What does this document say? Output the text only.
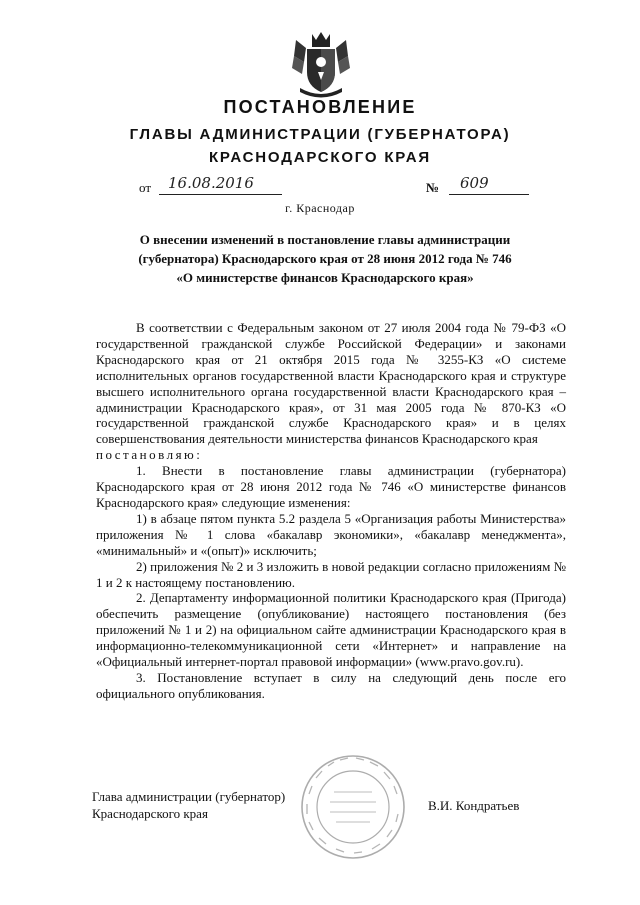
ПОСТАНОВЛЕНИЕ
ГЛАВЫ АДМИНИСТРАЦИИ (ГУБЕРНАТОРА)
КРАСНОДАРСКОГО КРАЯ
от 16.08.2016	№ 609
г. Краснодар
О внесении изменений в постановление главы администрации
(губернатора) Краснодарского края от 28 июня 2012 года № 746
«О министерстве финансов Краснодарского края»

В соответствии с Федеральным законом от 27 июля 2004 года № 79-ФЗ «О государственной гражданской службе Российской Федерации» и законами Краснодарского края от 21 октября 2015 года № 3255-КЗ «О системе исполнительных органов государственной власти Краснодарского края и структуре высшего исполнительного органа государственной власти Краснодарского края – администрации Краснодарского края», от 31 мая 2005 года № 870-КЗ «О государственной гражданской службе Краснодарского края» и в целях совершенствования деятельности министерства финансов Краснодарского края

постановляю:

1. Внести в постановление главы администрации (губернатора) Краснодарского края от 28 июня 2012 года № 746 «О министерстве финансов Краснодарского края» следующие изменения:

1) в абзаце пятом пункта 5.2 раздела 5 «Организация работы Министерства» приложения № 1 слова «бакалавр экономики», «бакалавр менеджмента», «минимальный» и «(опыт)» исключить;

2) приложения № 2 и 3 изложить в новой редакции согласно приложениям № 1 и 2 к настоящему постановлению.

2. Департаменту информационной политики Краснодарского края (Пригода) обеспечить размещение (опубликование) настоящего постановления (без приложений № 1 и 2) на официальном сайте администрации Краснодарского края в информационно-телекоммуникационной сети «Интернет» и направление на «Официальный интернет-портал правовой информации» (www.pravo.gov.ru).

3. Постановление вступает в силу на следующий день после его официального опубликования.

Глава администрации (губернатор)
Краснодарского края
В.И. Кондратьев
